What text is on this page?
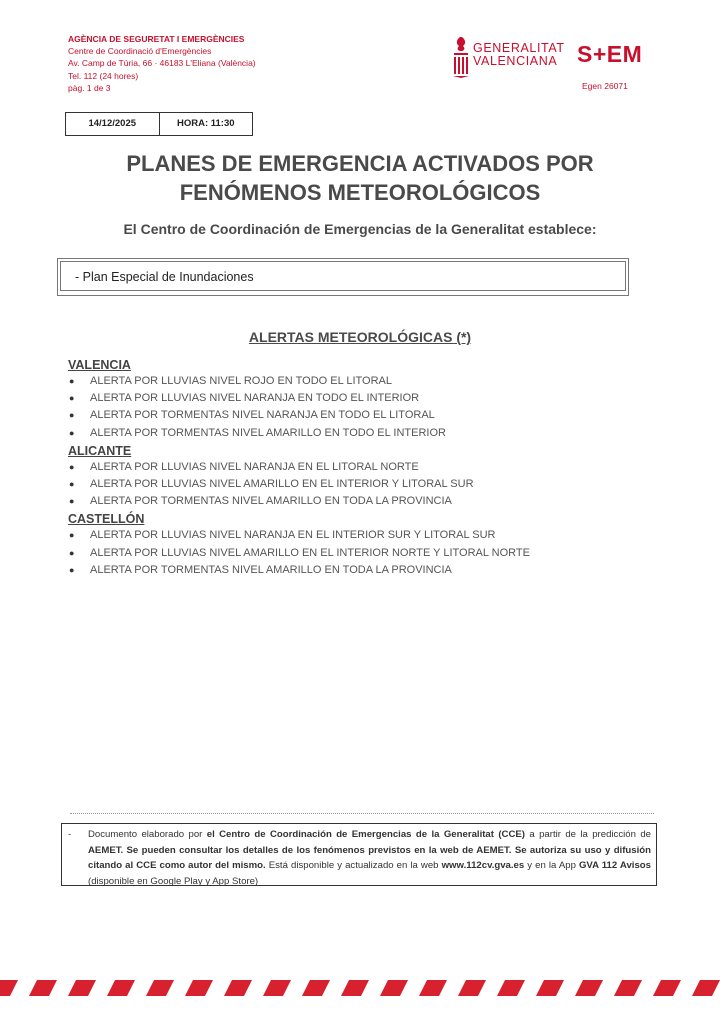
AGÈNCIA DE SEGURETAT I EMERGÈNCIES
Centre de Coordinació d'Emergències
Av. Camp de Túria, 66 · 46183 L'Eliana (València)
Tel. 112 (24 hores)
pàg. 1 de 3
GENERALITAT
VALENCIANA S+EM
Egen 26071
14/12/2025	HORA: 11:30
PLANES DE EMERGENCIA ACTIVADOS POR
FENÓMENOS METEOROLÓGICOS
El Centro de Coordinación de Emergencias de la Generalitat establece:
- Plan Especial de Inundaciones
ALERTAS METEOROLÓGICAS (*)
VALENCIA
● ALERTA POR LLUVIAS NIVEL ROJO EN TODO EL LITORAL
● ALERTA POR LLUVIAS NIVEL NARANJA EN TODO EL INTERIOR
● ALERTA POR TORMENTAS NIVEL NARANJA EN TODO EL LITORAL
● ALERTA POR TORMENTAS NIVEL AMARILLO EN TODO EL INTERIOR
ALICANTE
● ALERTA POR LLUVIAS NIVEL NARANJA EN EL LITORAL NORTE
● ALERTA POR LLUVIAS NIVEL AMARILLO EN EL INTERIOR Y LITORAL SUR
● ALERTA POR TORMENTAS NIVEL AMARILLO EN TODA LA PROVINCIA
CASTELLÓN
● ALERTA POR LLUVIAS NIVEL NARANJA EN EL INTERIOR SUR Y LITORAL SUR
● ALERTA POR LLUVIAS NIVEL AMARILLO EN EL INTERIOR NORTE Y LITORAL NORTE
● ALERTA POR TORMENTAS NIVEL AMARILLO EN TODA LA PROVINCIA
- Documento elaborado por el Centro de Coordinación de Emergencias de la Generalitat (CCE) a partir de la predicción de AEMET. Se pueden consultar los detalles de los fenómenos previstos en la web de AEMET. Se autoriza su uso y difusión citando al CCE como autor del mismo. Está disponible y actualizado en la web www.112cv.gva.es y en la App GVA 112 Avisos (disponible en Google Play y App Store)
